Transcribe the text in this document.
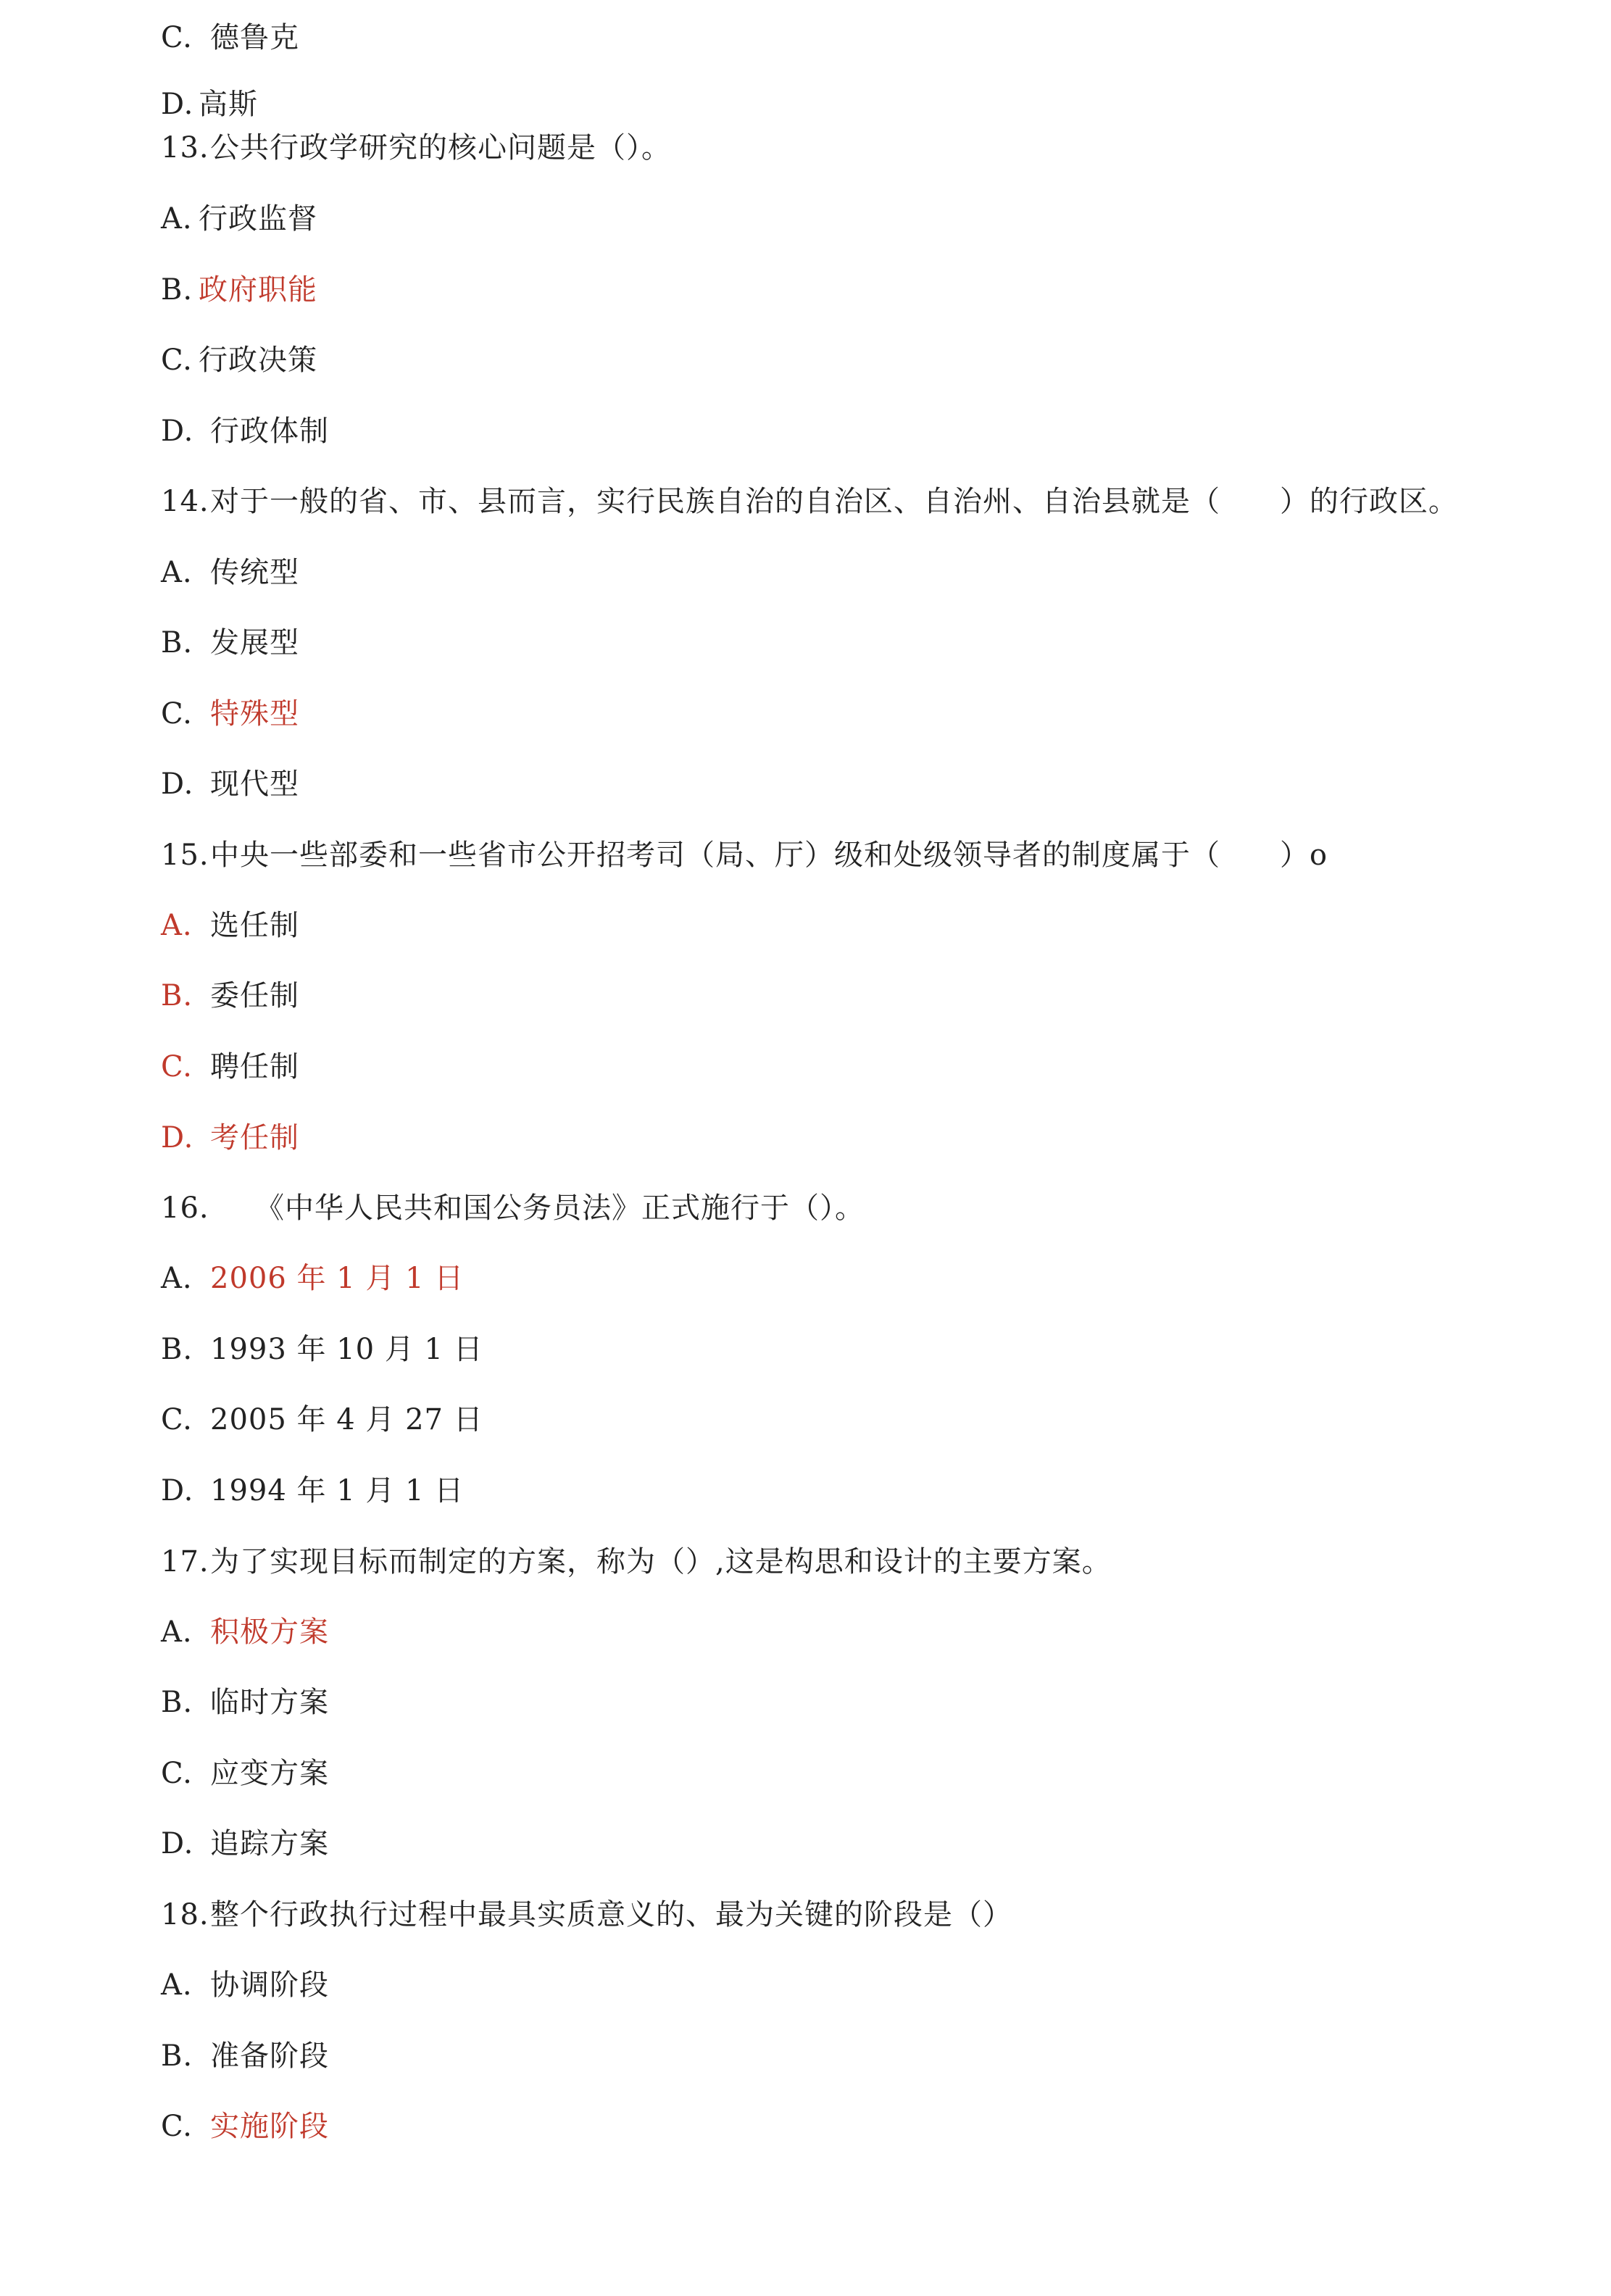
C. 德鲁克
D. 高斯
13.公共行政学研究的核心问题是（）。
A. 行政监督
B. 政府职能
C. 行政决策
D. 行政体制
14.对于一般的省、市、县而言，实行民族自治的自治区、自治州、自治县就是（　　）的行政区。
A. 传统型
B. 发展型
C. 特殊型
D. 现代型
15.中央一些部委和一些省市公开招考司（局、厅）级和处级领导者的制度属于（　　）o
A. 选任制
B. 委任制
C. 聘任制
D. 考任制
16. 《中华人民共和国公务员法》正式施行于（）。
A. 2006 年 1 月 1 日
B. 1993 年 10 月 1 日
C. 2005 年 4 月 27 日
D. 1994 年 1 月 1 日
17.为了实现目标而制定的方案，称为（）,这是构思和设计的主要方案。
A. 积极方案
B. 临时方案
C. 应变方案
D. 追踪方案
18.整个行政执行过程中最具实质意义的、最为关键的阶段是（）
A. 协调阶段
B. 准备阶段
C. 实施阶段
